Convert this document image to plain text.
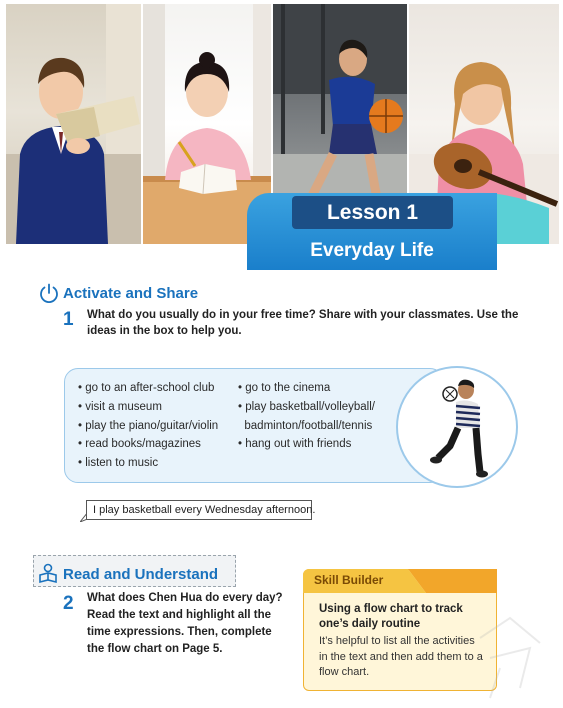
Lesson 1
Everyday Life
Activate and Share
1 What do you usually do in your free time? Share with your classmates. Use the
ideas in the box to help you.
• go to an after-school club
• visit a museum
• play the piano/guitar/violin
• read books/magazines
• listen to music
• go to the cinema
• play basketball/volleyball/
badminton/football/tennis
• hang out with friends
I play basketball every Wednesday afternoon.
Read and Understand
2 What does Chen Hua do every day?
Read the text and highlight all the
time expressions. Then, complete
the flow chart on Page 5.
Skill Builder
Using a flow chart to track
one’s daily routine
It’s helpful to list all the activities
in the text and then add them to a
flow chart.
